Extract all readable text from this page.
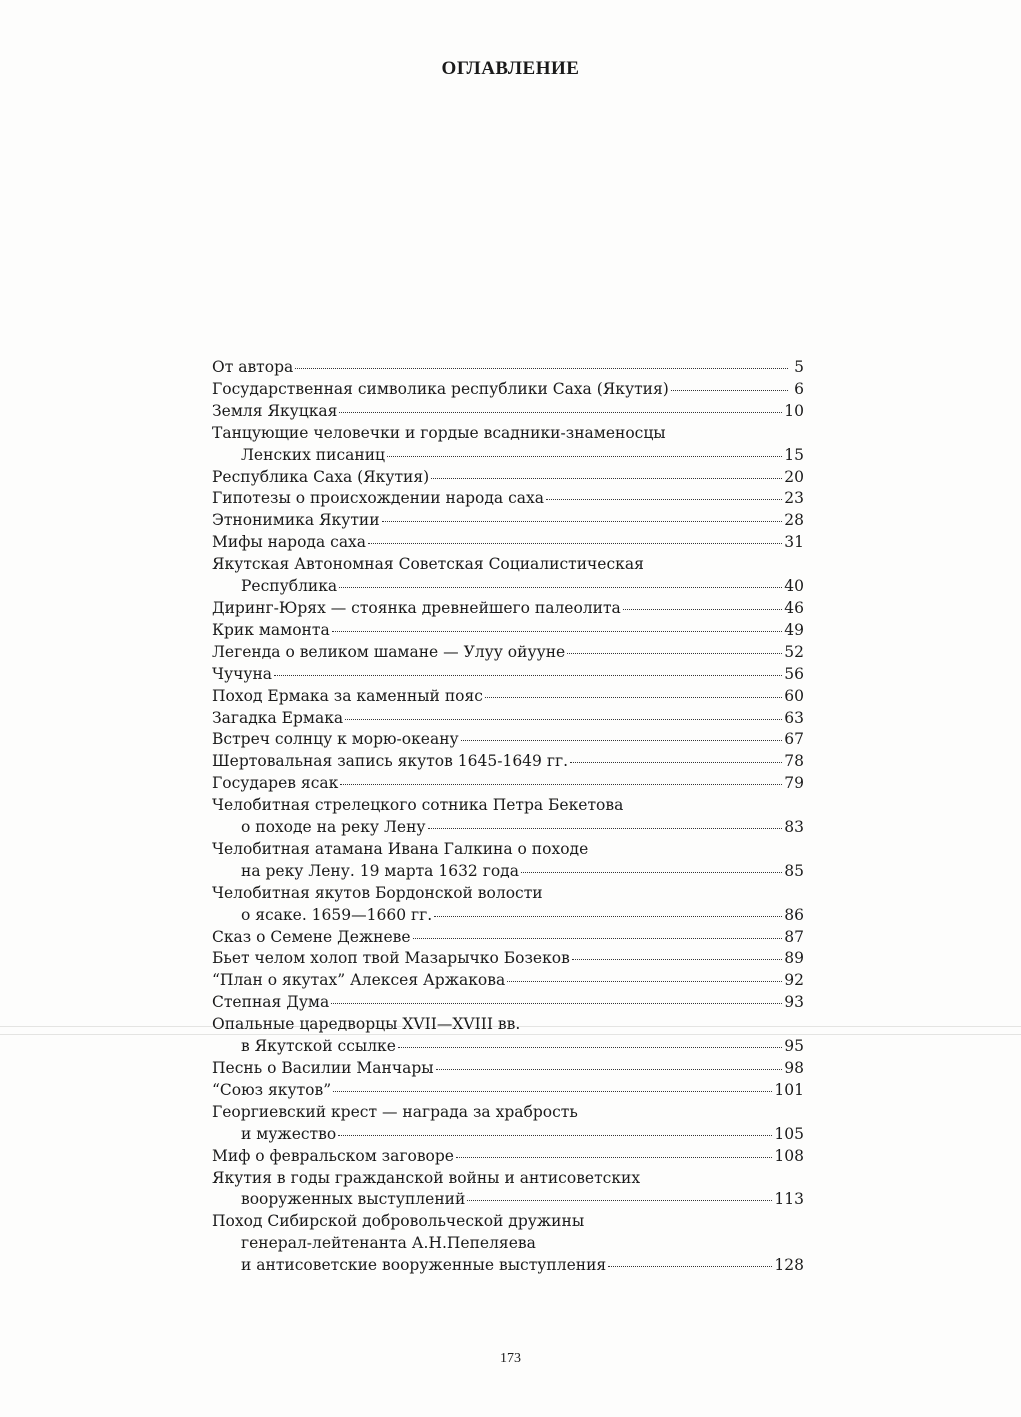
ОГЛАВЛЕНИЕ
От автора	5
Государственная символика республики Саха (Якутия)	6
Земля Якуцкая	10
Танцующие человечки и гордые всадники-знаменосцы
Ленских писаниц	15
Республика Саха (Якутия)	20
Гипотезы о происхождении народа саха	23
Этнонимика Якутии	28
Мифы народа саха	31
Якутская Автономная Советская Социалистическая
Республика	40
Диринг-Юрях — стоянка древнейшего палеолита	46
Крик мамонта	49
Легенда о великом шамане — Улуу ойууне	52
Чучуна	56
Поход Ермака за каменный пояс	60
Загадка Ермака	63
Встреч солнцу к морю-океану	67
Шертовальная запись якутов 1645-1649 гг.	78
Государев ясак	79
Челобитная стрелецкого сотника Петра Бекетова
о походе на реку Лену	83
Челобитная атамана Ивана Галкина о походе
на реку Лену. 19 марта 1632 года	85
Челобитная якутов Бордонской волости
о ясаке. 1659—1660 гг.	86
Сказ о Семене Дежневе	87
Бьет челом холоп твой Мазарычко Бозеков	89
“План о якутах” Алексея Аржакова	92
Степная Дума	93
Опальные царедворцы XVII—XVIII вв.
в Якутской ссылке	95
Песнь о Василии Манчары	98
“Союз якутов”	101
Георгиевский крест — награда за храбрость
и мужество	105
Миф о февральском заговоре	108
Якутия в годы гражданской войны и антисоветских
вооруженных выступлений	113
Поход Сибирской добровольческой дружины
генерал-лейтенанта А.Н.Пепеляева
и антисоветские вооруженные выступления	128
173
